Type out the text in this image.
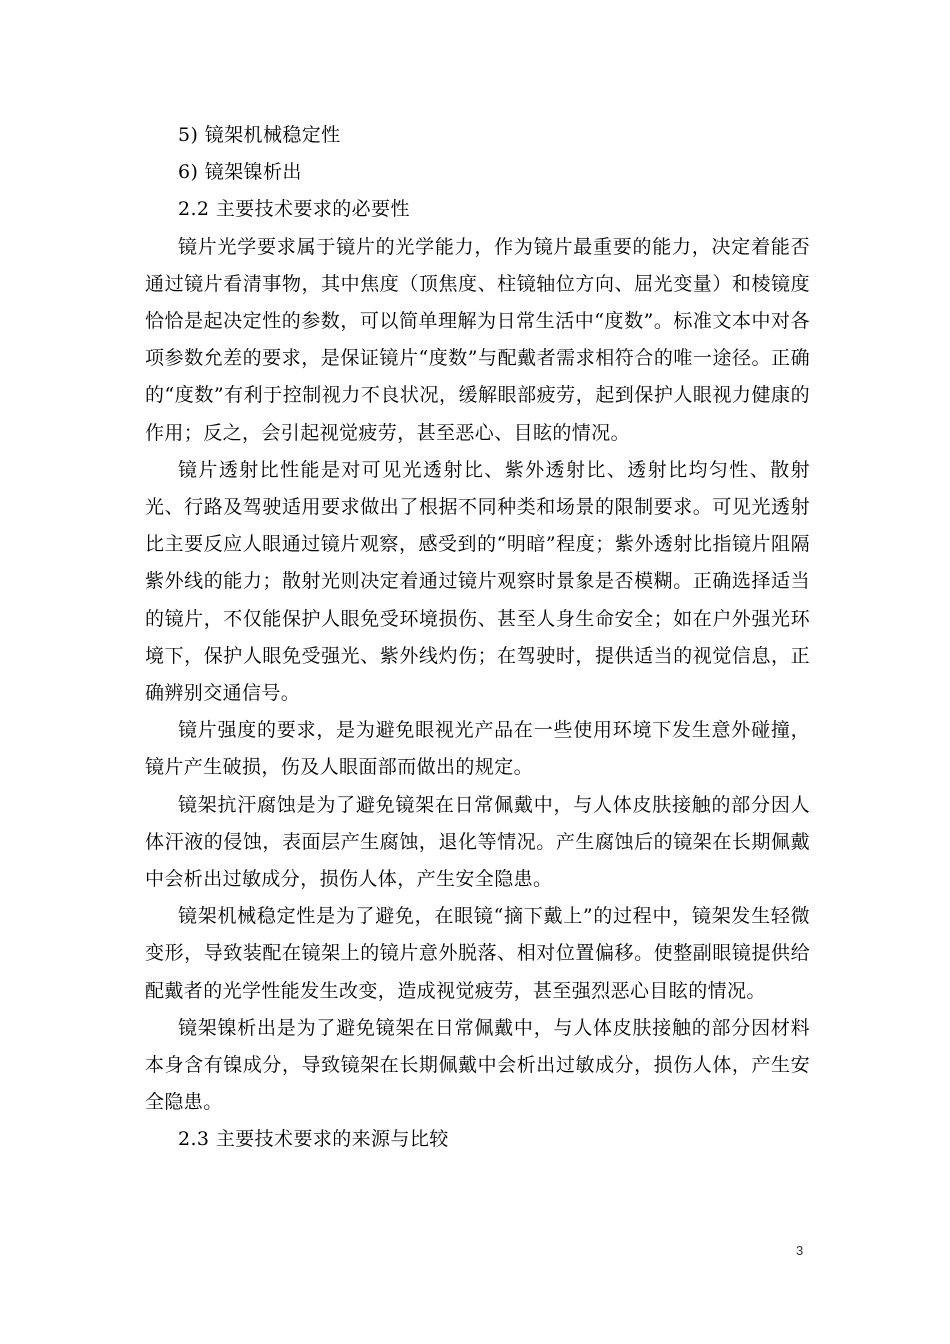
5) 镜架机械稳定性
6) 镜架镍析出
2.2 主要技术要求的必要性

镜片光学要求属于镜片的光学能力，作为镜片最重要的能力，决定着能否通过镜片看清事物，其中焦度（顶焦度、柱镜轴位方向、屈光变量）和棱镜度恰恰是起决定性的参数，可以简单理解为日常生活中“度数”。标准文本中对各项参数允差的要求，是保证镜片“度数”与配戴者需求相符合的唯一途径。正确的“度数”有利于控制视力不良状况，缓解眼部疲劳，起到保护人眼视力健康的作用；反之，会引起视觉疲劳，甚至恶心、目眩的情况。

镜片透射比性能是对可见光透射比、紫外透射比、透射比均匀性、散射光、行路及驾驶适用要求做出了根据不同种类和场景的限制要求。可见光透射比主要反应人眼通过镜片观察，感受到的“明暗”程度；紫外透射比指镜片阻隔紫外线的能力；散射光则决定着通过镜片观察时景象是否模糊。正确选择适当的镜片，不仅能保护人眼免受环境损伤、甚至人身生命安全；如在户外强光环境下，保护人眼免受强光、紫外线灼伤；在驾驶时，提供适当的视觉信息，正确辨别交通信号。

镜片强度的要求，是为避免眼视光产品在一些使用环境下发生意外碰撞，镜片产生破损，伤及人眼面部而做出的规定。

镜架抗汗腐蚀是为了避免镜架在日常佩戴中，与人体皮肤接触的部分因人体汗液的侵蚀，表面层产生腐蚀，退化等情况。产生腐蚀后的镜架在长期佩戴中会析出过敏成分，损伤人体，产生安全隐患。

镜架机械稳定性是为了避免，在眼镜“摘下戴上”的过程中，镜架发生轻微变形，导致装配在镜架上的镜片意外脱落、相对位置偏移。使整副眼镜提供给配戴者的光学性能发生改变，造成视觉疲劳，甚至强烈恶心目眩的情况。

镜架镍析出是为了避免镜架在日常佩戴中，与人体皮肤接触的部分因材料本身含有镍成分，导致镜架在长期佩戴中会析出过敏成分，损伤人体，产生安全隐患。

2.3 主要技术要求的来源与比较
3
